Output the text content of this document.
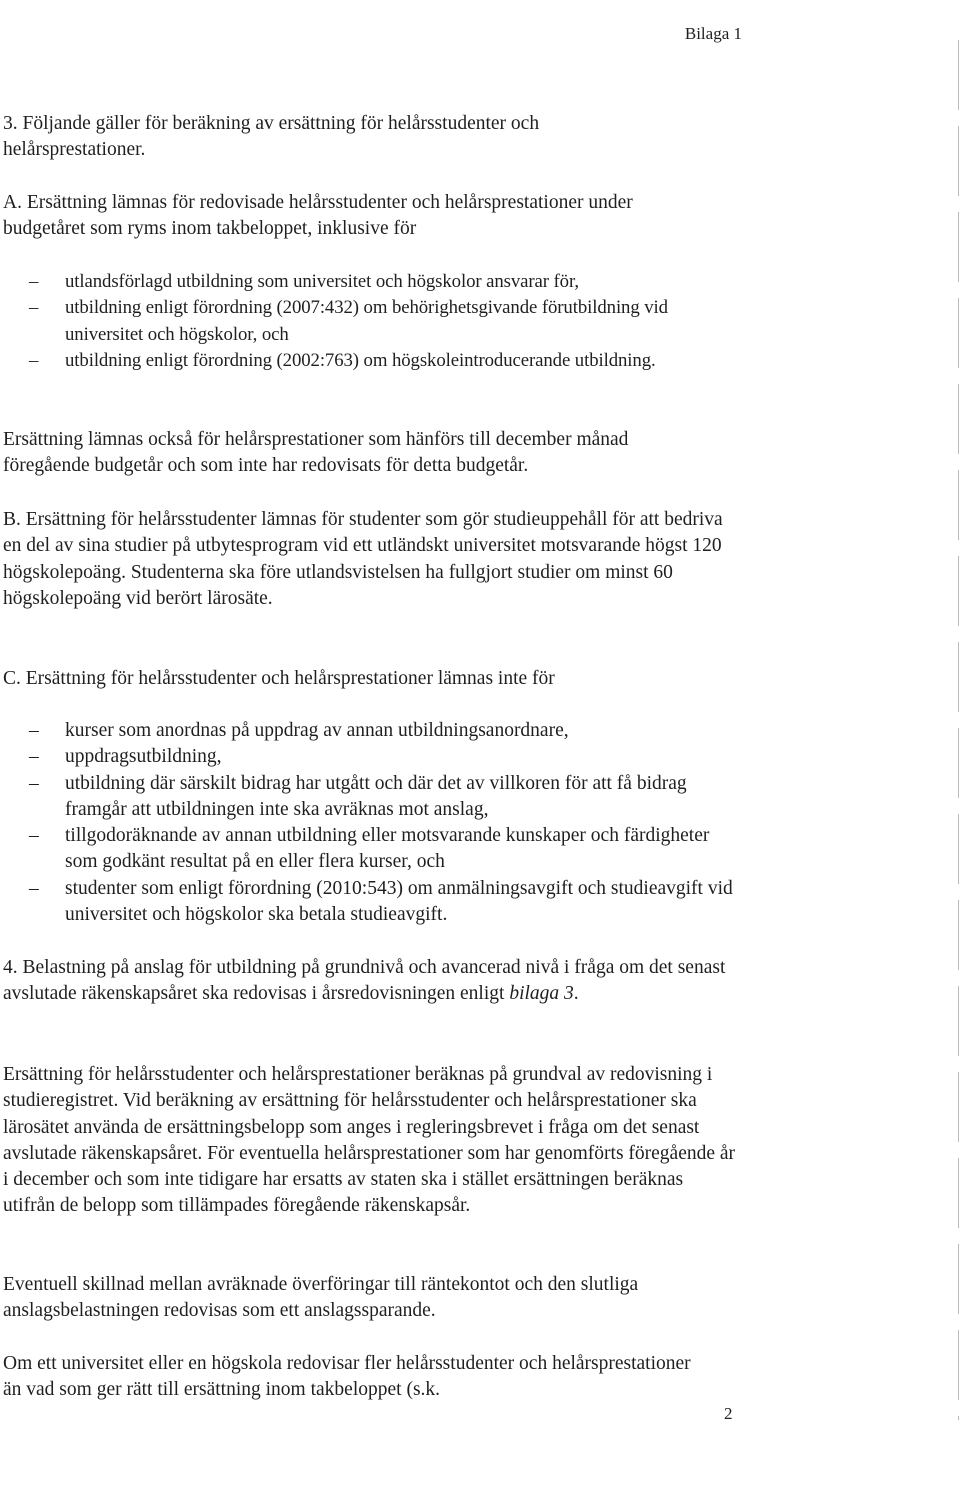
Bilaga 1

3. Följande gäller för beräkning av ersättning för helårsstudenter och helårsprestationer.

A. Ersättning lämnas för redovisade helårsstudenter och helårsprestationer under budgetåret som ryms inom takbeloppet, inklusive för

– utlandsförlagd utbildning som universitet och högskolor ansvarar för,
– utbildning enligt förordning (2007:432) om behörighetsgivande förutbildning vid universitet och högskolor, och
– utbildning enligt förordning (2002:763) om högskoleintroducerande utbildning.

Ersättning lämnas också för helårsprestationer som hänförs till december månad föregående budgetår och som inte har redovisats för detta budgetår.

B. Ersättning för helårsstudenter lämnas för studenter som gör studieuppehåll för att bedriva en del av sina studier på utbytesprogram vid ett utländskt universitet motsvarande högst 120 högskolepoäng. Studenterna ska före utlandsvistelsen ha fullgjort studier om minst 60 högskolepoäng vid berört lärosäte.

C. Ersättning för helårsstudenter och helårsprestationer lämnas inte för

– kurser som anordnas på uppdrag av annan utbildningsanordnare,
– uppdragsutbildning,
– utbildning där särskilt bidrag har utgått och där det av villkoren för att få bidrag framgår att utbildningen inte ska avräknas mot anslag,
– tillgodoräknande av annan utbildning eller motsvarande kunskaper och färdigheter som godkänt resultat på en eller flera kurser, och
– studenter som enligt förordning (2010:543) om anmälningsavgift och studieavgift vid universitet och högskolor ska betala studieavgift.

4. Belastning på anslag för utbildning på grundnivå och avancerad nivå i fråga om det senast avslutade räkenskapsåret ska redovisas i årsredovisningen enligt bilaga 3.

Ersättning för helårsstudenter och helårsprestationer beräknas på grundval av redovisning i studieregistret. Vid beräkning av ersättning för helårsstudenter och helårsprestationer ska lärosätet använda de ersättningsbelopp som anges i regleringsbrevet i fråga om det senast avslutade räkenskapsåret. För eventuella helårsprestationer som har genomförts föregående år i december och som inte tidigare har ersatts av staten ska i stället ersättningen beräknas utifrån de belopp som tillämpades föregående räkenskapsår.

Eventuell skillnad mellan avräknade överföringar till räntekontot och den slutliga anslagsbelastningen redovisas som ett anslagssparande.

Om ett universitet eller en högskola redovisar fler helårsstudenter och helårsprestationer än vad som ger rätt till ersättning inom takbeloppet (s.k.

2
